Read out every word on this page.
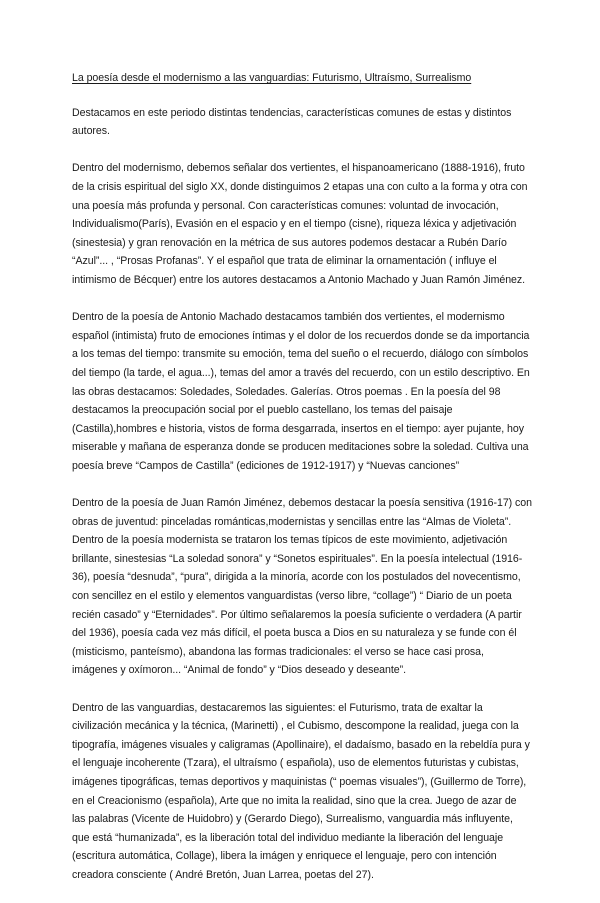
La poesía desde el modernismo a las vanguardias: Futurismo, Ultraísmo, Surrealismo

Destacamos en este periodo distintas tendencias, características comunes de estas y distintos autores.

Dentro del modernismo, debemos señalar dos vertientes, el hispanoamericano (1888-1916), fruto de la crisis espiritual del siglo XX, donde distinguimos 2 etapas una con culto a la forma y otra con una poesía más profunda y personal. Con características comunes: voluntad de invocación, Individualismo(París), Evasión en el espacio y en el tiempo (cisne), riqueza léxica y adjetivación (sinestesia) y gran renovación en la métrica de sus autores podemos destacar a Rubén Darío “Azul”... , “Prosas Profanas”. Y el español que trata de eliminar la ornamentación ( influye el intimismo de Bécquer) entre los autores destacamos a Antonio Machado y Juan Ramón Jiménez.

Dentro de la poesía de Antonio Machado destacamos también dos vertientes, el modernismo español (intimista) fruto de emociones íntimas y el dolor de los recuerdos donde se da importancia a los temas del tiempo: transmite su emoción, tema del sueño o el recuerdo, diálogo con símbolos del tiempo (la tarde, el agua...), temas del amor a través del recuerdo, con un estilo descriptivo. En las obras destacamos: Soledades, Soledades. Galerías. Otros poemas . En la poesía del 98 destacamos la preocupación social por el pueblo castellano, los temas del paisaje (Castilla),hombres e historia, vistos de forma desgarrada, insertos en el tiempo: ayer pujante, hoy miserable y mañana de esperanza donde se producen meditaciones sobre la soledad. Cultiva una poesía breve “Campos de Castilla” (ediciones de 1912-1917) y “Nuevas canciones”

Dentro de la poesía de Juan Ramón Jiménez, debemos destacar la poesía sensitiva (1916-17) con obras de juventud: pinceladas románticas,modernistas y sencillas entre las “Almas de Violeta”. Dentro de la poesía modernista se trataron los temas típicos de este movimiento, adjetivación brillante, sinestesias “La soledad sonora” y “Sonetos espirituales”. En la poesía intelectual (1916-36), poesía “desnuda”, “pura”, dirigida a la minoría, acorde con los postulados del novecentismo, con sencillez en el estilo y elementos vanguardistas (verso libre, “collage”) “ Diario de un poeta recién casado” y “Eternidades”. Por último señalaremos la poesía suficiente o verdadera (A partir del 1936), poesía cada vez más difícil, el poeta busca a Dios en su naturaleza y se funde con él (misticismo, panteísmo), abandona las formas tradicionales: el verso se hace casi prosa, imágenes y oxímoron... “Animal de fondo” y “Dios deseado y deseante”.

Dentro de las vanguardias, destacaremos las siguientes: el Futurismo, trata de exaltar la civilización mecánica y la técnica, (Marinetti) , el Cubismo, descompone la realidad, juega con la tipografía, imágenes visuales y caligramas (Apollinaire), el dadaísmo, basado en la rebeldía pura y el lenguaje incoherente (Tzara), el ultraísmo ( española), uso de elementos futuristas y cubistas, imágenes tipográficas, temas deportivos y maquinistas (“ poemas visuales”), (Guillermo de Torre), en el Creacionismo (española), Arte que no imita la realidad, sino que la crea. Juego de azar de las palabras (Vicente de Huidobro) y (Gerardo Diego), Surrealismo, vanguardia más influyente, que está “humanizada”, es la liberación total del individuo mediante la liberación del lenguaje (escritura automática, Collage), libera la imágen y enriquece el lenguaje, pero con intención creadora consciente ( André Bretón, Juan Larrea, poetas del 27).
